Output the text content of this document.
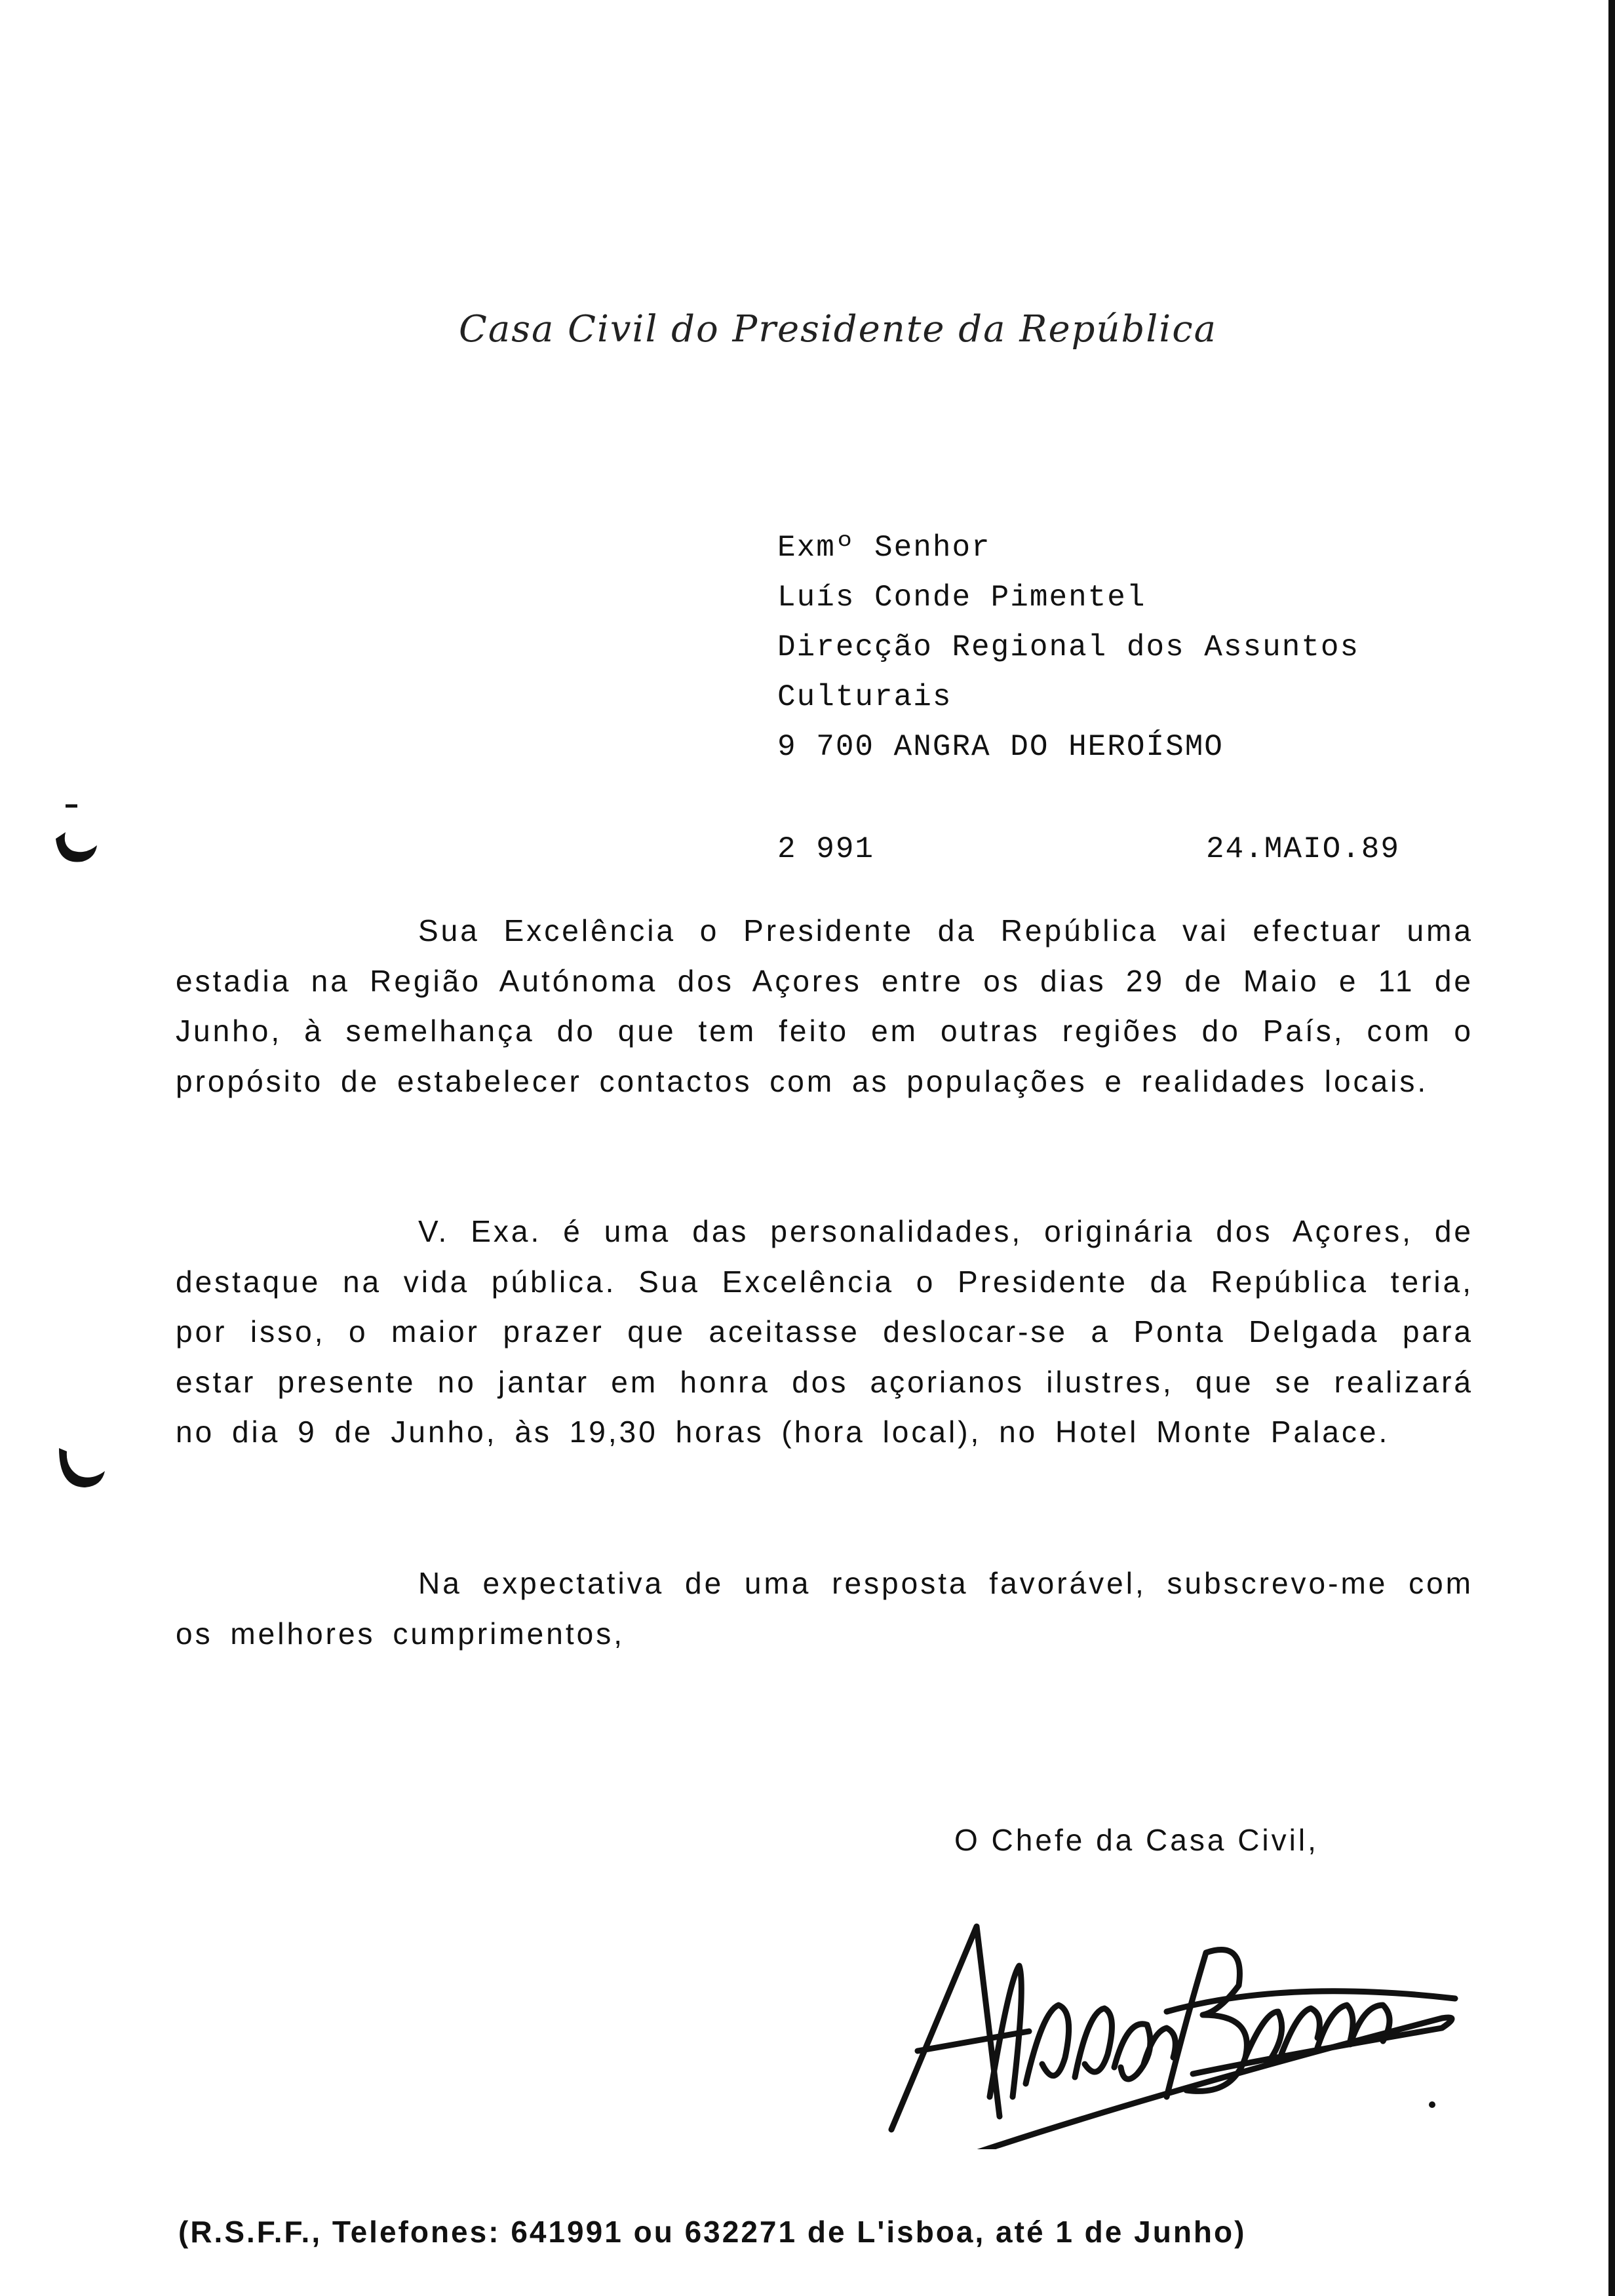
Casa Civil do Presidente da República
Exmº Senhor
Luís Conde Pimentel
Direcção Regional dos Assuntos
Culturais
9 700 ANGRA DO HEROÍSMO
2 991	24.MAIO.89
Sua Excelência o Presidente da República vai efectuar uma estadia na Região Autónoma dos Açores entre os dias 29 de Maio e 11 de Junho, à semelhança do que tem feito em outras regiões do País, com o propósito de estabelecer contactos com as populações e realidades locais.
V. Exa. é uma das personalidades, originária dos Açores, de destaque na vida pública. Sua Excelência o Presidente da República teria, por isso, o maior prazer que aceitasse deslocar-se a Ponta Delgada para estar presente no jantar em honra dos açorianos ilustres, que se realizará no dia 9 de Junho, às 19,30 horas (hora local), no Hotel Monte Palace.
Na expectativa de uma resposta favorável, subscrevo-me com os melhores cumprimentos,
O Chefe da Casa Civil,
(R.S.F.F., Telefones: 641991 ou 632271 de L'isboa, até 1 de Junho)
